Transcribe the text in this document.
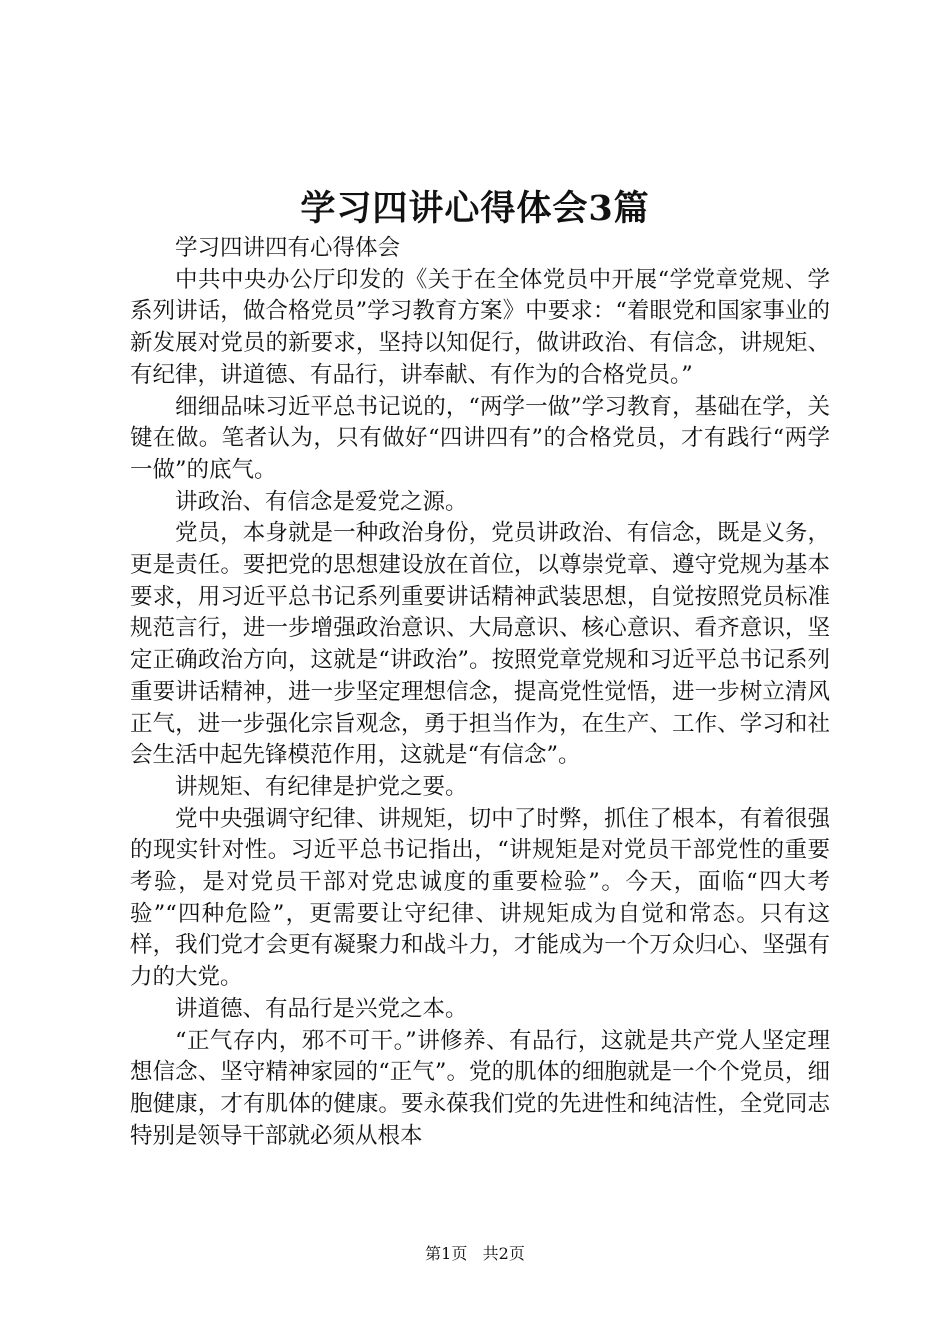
学习四讲心得体会3篇

学习四讲四有心得体会

中共中央办公厅印发的《关于在全体党员中开展“学党章党规、学系列讲话，做合格党员”学习教育方案》中要求：“着眼党和国家事业的新发展对党员的新要求，坚持以知促行，做讲政治、有信念，讲规矩、有纪律，讲道德、有品行，讲奉献、有作为的合格党员。”

细细品味习近平总书记说的，“两学一做”学习教育，基础在学，关键在做。笔者认为，只有做好“四讲四有”的合格党员，才有践行“两学一做”的底气。

讲政治、有信念是爱党之源。

党员，本身就是一种政治身份，党员讲政治、有信念，既是义务，更是责任。要把党的思想建设放在首位，以尊崇党章、遵守党规为基本要求，用习近平总书记系列重要讲话精神武装思想，自觉按照党员标准规范言行，进一步增强政治意识、大局意识、核心意识、看齐意识，坚定正确政治方向，这就是“讲政治”。按照党章党规和习近平总书记系列重要讲话精神，进一步坚定理想信念，提高党性觉悟，进一步树立清风正气，进一步强化宗旨观念，勇于担当作为，在生产、工作、学习和社会生活中起先锋模范作用，这就是“有信念”。

讲规矩、有纪律是护党之要。

党中央强调守纪律、讲规矩，切中了时弊，抓住了根本，有着很强的现实针对性。习近平总书记指出，“讲规矩是对党员干部党性的重要考验，是对党员干部对党忠诚度的重要检验”。今天，面临“四大考验”“四种危险”，更需要让守纪律、讲规矩成为自觉和常态。只有这样，我们党才会更有凝聚力和战斗力，才能成为一个万众归心、坚强有力的大党。

讲道德、有品行是兴党之本。

“正气存内，邪不可干。”讲修养、有品行，这就是共产党人坚定理想信念、坚守精神家园的“正气”。党的肌体的细胞就是一个个党员，细胞健康，才有肌体的健康。要永葆我们党的先进性和纯洁性，全党同志特别是领导干部就必须从根本

第1页 共2页
